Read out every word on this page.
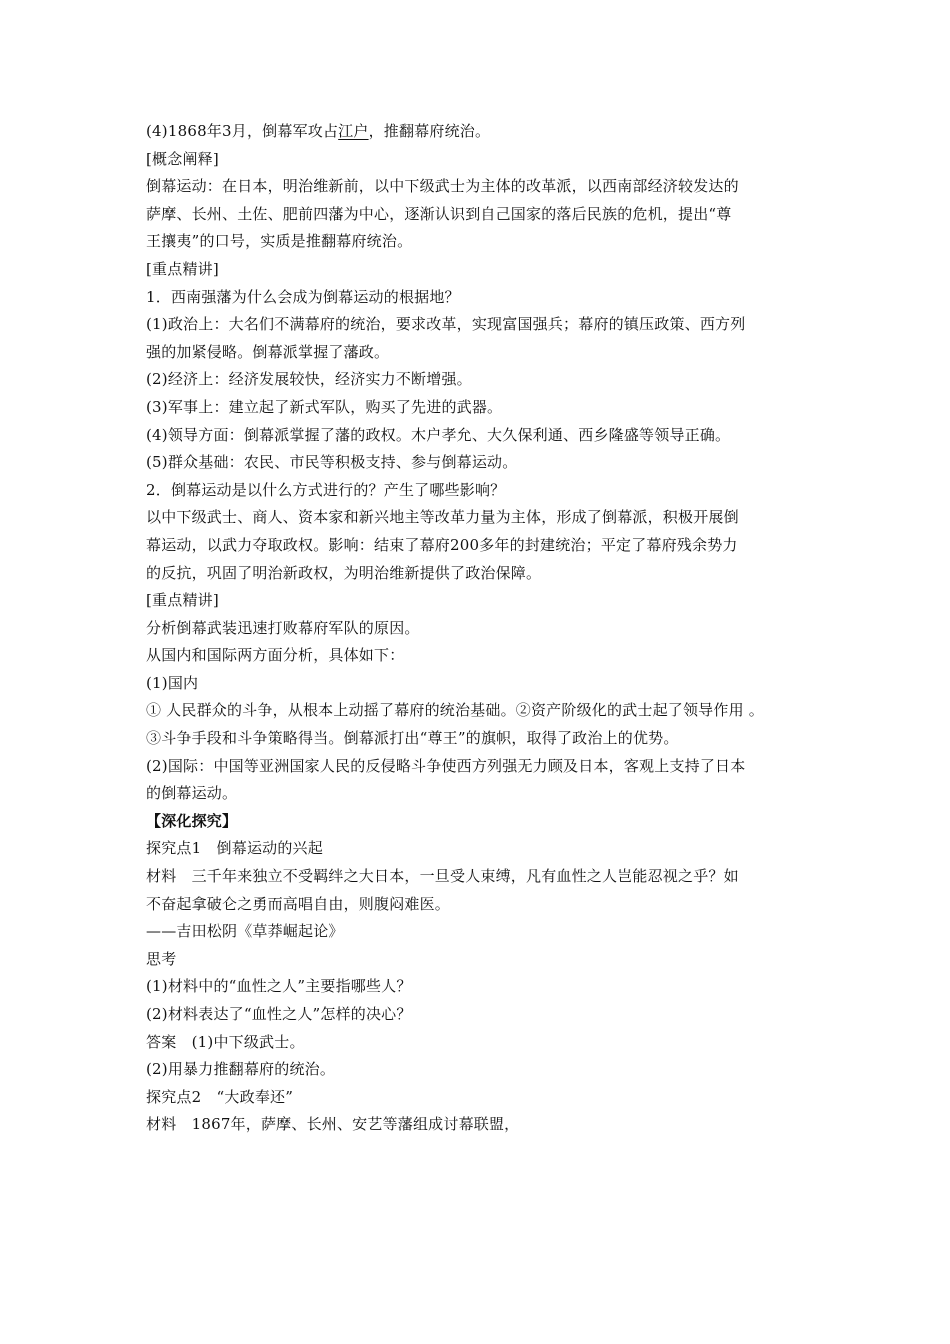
(4)1868年3月，倒幕军攻占江户，推翻幕府统治。
[概念阐释]
倒幕运动：在日本，明治维新前，以中下级武士为主体的改革派，以西南部经济较发达的
萨摩、长州、土佐、肥前四藩为中心，逐渐认识到自己国家的落后民族的危机，提出“尊
王攘夷”的口号，实质是推翻幕府统治。
[重点精讲]
1．西南强藩为什么会成为倒幕运动的根据地？
(1)政治上：大名们不满幕府的统治，要求改革，实现富国强兵；幕府的镇压政策、西方列
强的加紧侵略。倒幕派掌握了藩政。
(2)经济上：经济发展较快，经济实力不断增强。
(3)军事上：建立起了新式军队，购买了先进的武器。
(4)领导方面：倒幕派掌握了藩的政权。木户孝允、大久保利通、西乡隆盛等领导正确。
(5)群众基础：农民、市民等积极支持、参与倒幕运动。
2．倒幕运动是以什么方式进行的？产生了哪些影响？
以中下级武士、商人、资本家和新兴地主等改革力量为主体，形成了倒幕派，积极开展倒
幕运动，以武力夺取政权。影响：结束了幕府200多年的封建统治；平定了幕府残余势力
的反抗，巩固了明治新政权，为明治维新提供了政治保障。
[重点精讲]
分析倒幕武装迅速打败幕府军队的原因。
从国内和国际两方面分析，具体如下：
(1)国内
① 人民群众的斗争，从根本上动摇了幕府的统治基础。②资产阶级化的武士起了领导作用 。
③斗争手段和斗争策略得当。倒幕派打出“尊王”的旗帜，取得了政治上的优势。
(2)国际：中国等亚洲国家人民的反侵略斗争使西方列强无力顾及日本，客观上支持了日本
的倒幕运动。
【深化探究】
探究点1　倒幕运动的兴起
材料　三千年来独立不受羁绊之大日本，一旦受人束缚，凡有血性之人岂能忍视之乎？如
不奋起拿破仑之勇而高唱自由，则腹闷难医。
——吉田松阴《草莽崛起论》
思考
(1)材料中的“血性之人”主要指哪些人？
(2)材料表达了“血性之人”怎样的决心？
答案　(1)中下级武士。
(2)用暴力推翻幕府的统治。
探究点2　“大政奉还”
材料　1867年，萨摩、长州、安艺等藩组成讨幕联盟，
